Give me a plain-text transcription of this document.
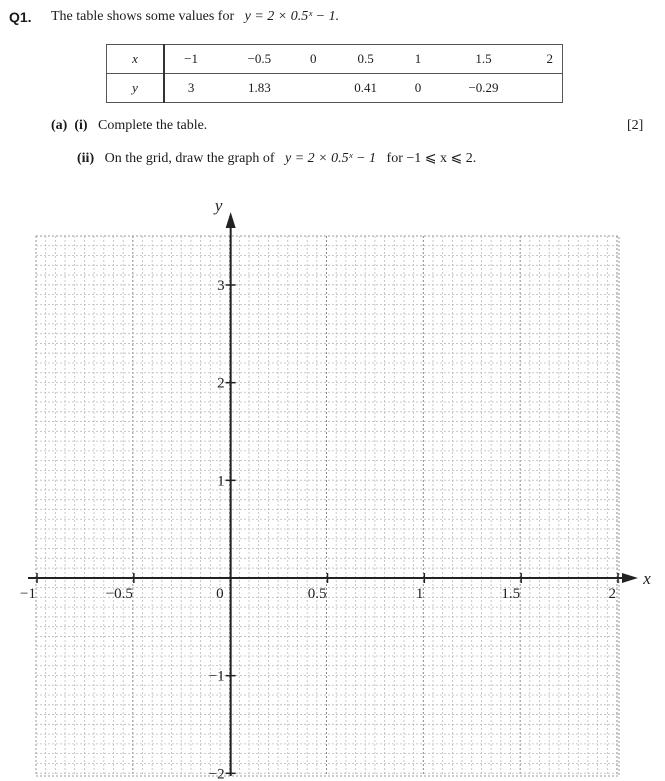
Q1. The table shows some values for y = 2 × 0.5ˣ − 1.
x	−1	−0.5	0	0.5	1	1.5	2
y	3	1.83		0.41	0	−0.29	
(a) (i) Complete the table.	[2]
(ii) On the grid, draw the graph of y = 2 × 0.5ˣ − 1 for −1 ⩽ x ⩽ 2.
y
x
−1	−0.5	0	0.5	1	1.5	2
−2
−1
1
2
3
